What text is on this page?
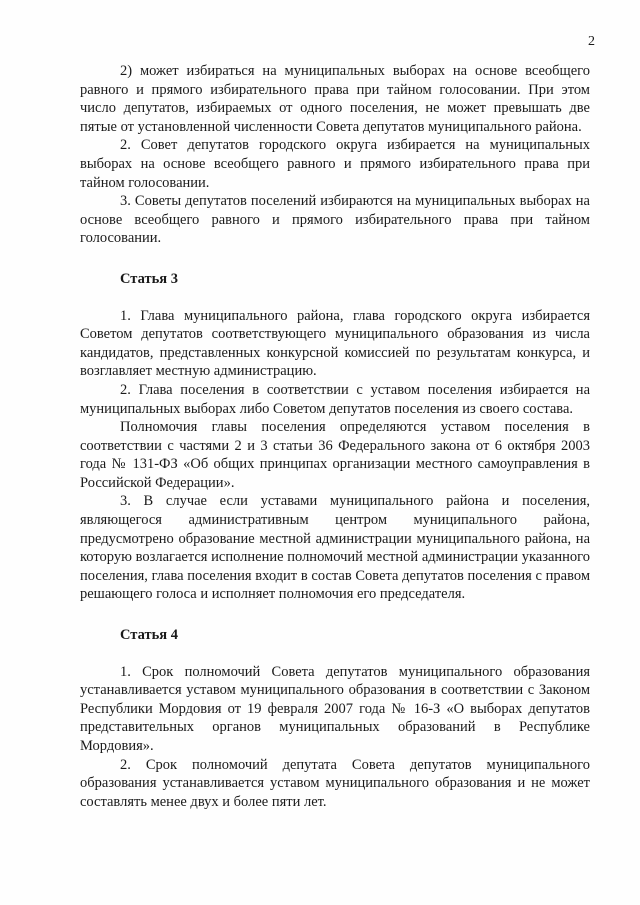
2

2) может избираться на муниципальных выборах на основе всеобщего равного и прямого избирательного права при тайном голосовании. При этом число депутатов, избираемых от одного поселения, не может превышать две пятые от установленной численности Совета депутатов муниципального района.

2. Совет депутатов городского округа избирается на муниципальных выборах на основе всеобщего равного и прямого избирательного права при тайном голосовании.

3. Советы депутатов поселений избираются на муниципальных выборах на основе всеобщего равного и прямого избирательного права при тайном голосовании.

Статья 3

1. Глава муниципального района, глава городского округа избирается Советом депутатов соответствующего муниципального образования из числа кандидатов, представленных конкурсной комиссией по результатам конкурса, и возглавляет местную администрацию.

2. Глава поселения в соответствии с уставом поселения избирается на муниципальных выборах либо Советом депутатов поселения из своего состава.

Полномочия главы поселения определяются уставом поселения в соответствии с частями 2 и 3 статьи 36 Федерального закона от 6 октября 2003 года № 131-ФЗ «Об общих принципах организации местного самоуправления в Российской Федерации».

3. В случае если уставами муниципального района и поселения, являющегося административным центром муниципального района, предусмотрено образование местной администрации муниципального района, на которую возлагается исполнение полномочий местной администрации указанного поселения, глава поселения входит в состав Совета депутатов поселения с правом решающего голоса и исполняет полномочия его председателя.

Статья 4

1. Срок полномочий Совета депутатов муниципального образования устанавливается уставом муниципального образования в соответствии с Законом Республики Мордовия от 19 февраля 2007 года № 16-З «О выборах депутатов представительных органов муниципальных образований в Республике Мордовия».

2. Срок полномочий депутата Совета депутатов муниципального образования устанавливается уставом муниципального образования и не может составлять менее двух и более пяти лет.
